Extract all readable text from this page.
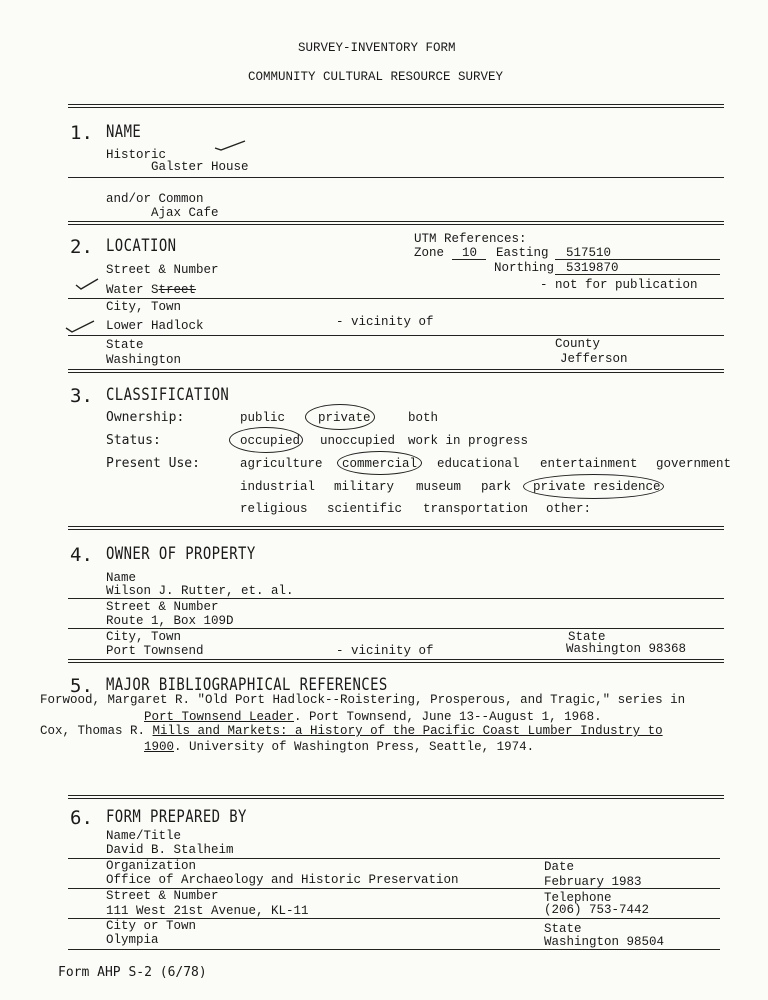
SURVEY-INVENTORY FORM
COMMUNITY CULTURAL RESOURCE SURVEY
1. NAME
Historic
Galster House
and/or Common
Ajax Cafe
2. LOCATION	UTM References:
Zone 10 Easting 517510
Northing 5319870
Street & Number
- not for publication
Water Street
City, Town
Lower Hadlock	- vicinity of
State	County
Washington	Jefferson
3. CLASSIFICATION
Ownership:	public	private	both
Status:	occupied unoccupied work in progress
Present Use:	agriculture commercial educational entertainment government
industrial military museum park private residence
religious scientific transportation other:
4. OWNER OF PROPERTY
Name
Wilson J. Rutter, et. al.
Street & Number
Route 1, Box 109D
City, Town	State
Port Townsend	- vicinity of	Washington 98368
5. MAJOR BIBLIOGRAPHICAL REFERENCES
Forwood, Margaret R. "Old Port Hadlock--Roistering, Prosperous, and Tragic," series in
Port Townsend Leader. Port Townsend, June 13--August 1, 1968.
Cox, Thomas R. Mills and Markets: a History of the Pacific Coast Lumber Industry to
1900. University of Washington Press, Seattle, 1974.
6. FORM PREPARED BY
Name/Title
David B. Stalheim
Organization	Date
Office of Archaeology and Historic Preservation	February 1983
Street & Number	Telephone
111 West 21st Avenue, KL-11	(206) 753-7442
City or Town	State
Olympia	Washington 98504
Form AHP S-2 (6/78)
